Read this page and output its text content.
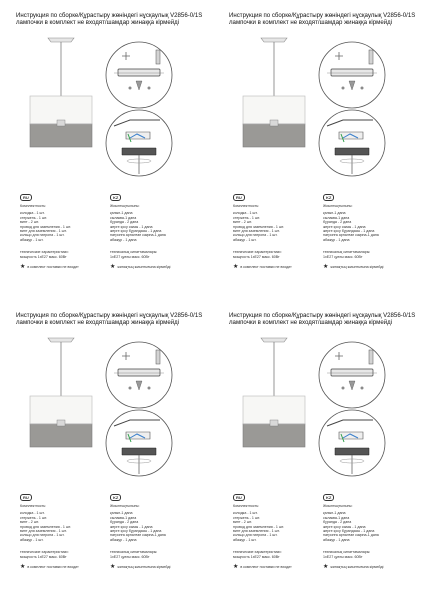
Инструкция по сборке/Құрастыру жөніндегі нұсқаулық V2856-0/1S лампочки в комплект не входят/шамдар жинаққа кірмейді
RU
Комплектность:
колодка - 1 шт.
стержень - 1 шт.
винт - 2 шт.
провод для заземления - 1 шт.
винт для заземления - 1 шт.
кольцо для патрона - 1 шт.
абажур - 1 шт.
технические характеристики:
мощность 1xE27 макс. 60Вт
★ в комплект поставки не входит
KZ
Жиынтықтылығы:
қалып-1 дана
сылаква-1 дана
бұранда - 2 дана
жерге қосу сымы - 1 дана
жерге қосу бұрандасы - 1 дана
патронға арналған сақина-1 дана
абажур - 1 дана
техникалық сипаттамалары:
1xE27 қуаты макс. 60Вт
★ жинақтың жиынтығына кірмейді
Инструкция по сборке/Құрастыру жөніндегі нұсқаулық V2856-0/1S лампочки в комплект не входят/шамдар жинаққа кірмейді
RU
Комплектность:
колодка - 1 шт.
стержень - 1 шт.
винт - 2 шт.
провод для заземления - 1 шт.
винт для заземления - 1 шт.
кольцо для патрона - 1 шт.
абажур - 1 шт.
технические характеристики:
мощность 1xE27 макс. 60Вт
★ в комплект поставки не входит
KZ
Жиынтықтылығы:
қалып-1 дана
сылаква-1 дана
бұранда - 2 дана
жерге қосу сымы - 1 дана
жерге қосу бұрандасы - 1 дана
патронға арналған сақина-1 дана
абажур - 1 дана
техникалық сипаттамалары:
1xE27 қуаты макс. 60Вт
★ жинақтың жиынтығына кірмейді
Инструкция по сборке/Құрастыру жөніндегі нұсқаулық V2856-0/1S лампочки в комплект не входят/шамдар жинаққа кірмейді
RU
Комплектность:
колодка - 1 шт.
стержень - 1 шт.
винт - 2 шт.
провод для заземления - 1 шт.
винт для заземления - 1 шт.
кольцо для патрона - 1 шт.
абажур - 1 шт.
технические характеристики:
мощность 1xE27 макс. 60Вт
★ в комплект поставки не входит
KZ
Жиынтықтылығы:
қалып-1 дана
сылаква-1 дана
бұранда - 2 дана
жерге қосу сымы - 1 дана
жерге қосу бұрандасы - 1 дана
патронға арналған сақина-1 дана
абажур - 1 дана
техникалық сипаттамалары:
1xE27 қуаты макс. 60Вт
★ жинақтың жиынтығына кірмейді
Инструкция по сборке/Құрастыру жөніндегі нұсқаулық V2856-0/1S лампочки в комплект не входят/шамдар жинаққа кірмейді
RU
Комплектность:
колодка - 1 шт.
стержень - 1 шт.
винт - 2 шт.
провод для заземления - 1 шт.
винт для заземления - 1 шт.
кольцо для патрона - 1 шт.
абажур - 1 шт.
технические характеристики:
мощность 1xE27 макс. 60Вт
★ в комплект поставки не входит
KZ
Жиынтықтылығы:
қалып-1 дана
сылаква-1 дана
бұранда - 2 дана
жерге қосу сымы - 1 дана
жерге қосу бұрандасы - 1 дана
патронға арналған сақина-1 дана
абажур - 1 дана
техникалық сипаттамалары:
1xE27 қуаты макс. 60Вт
★ жинақтың жиынтығына кірмейді
